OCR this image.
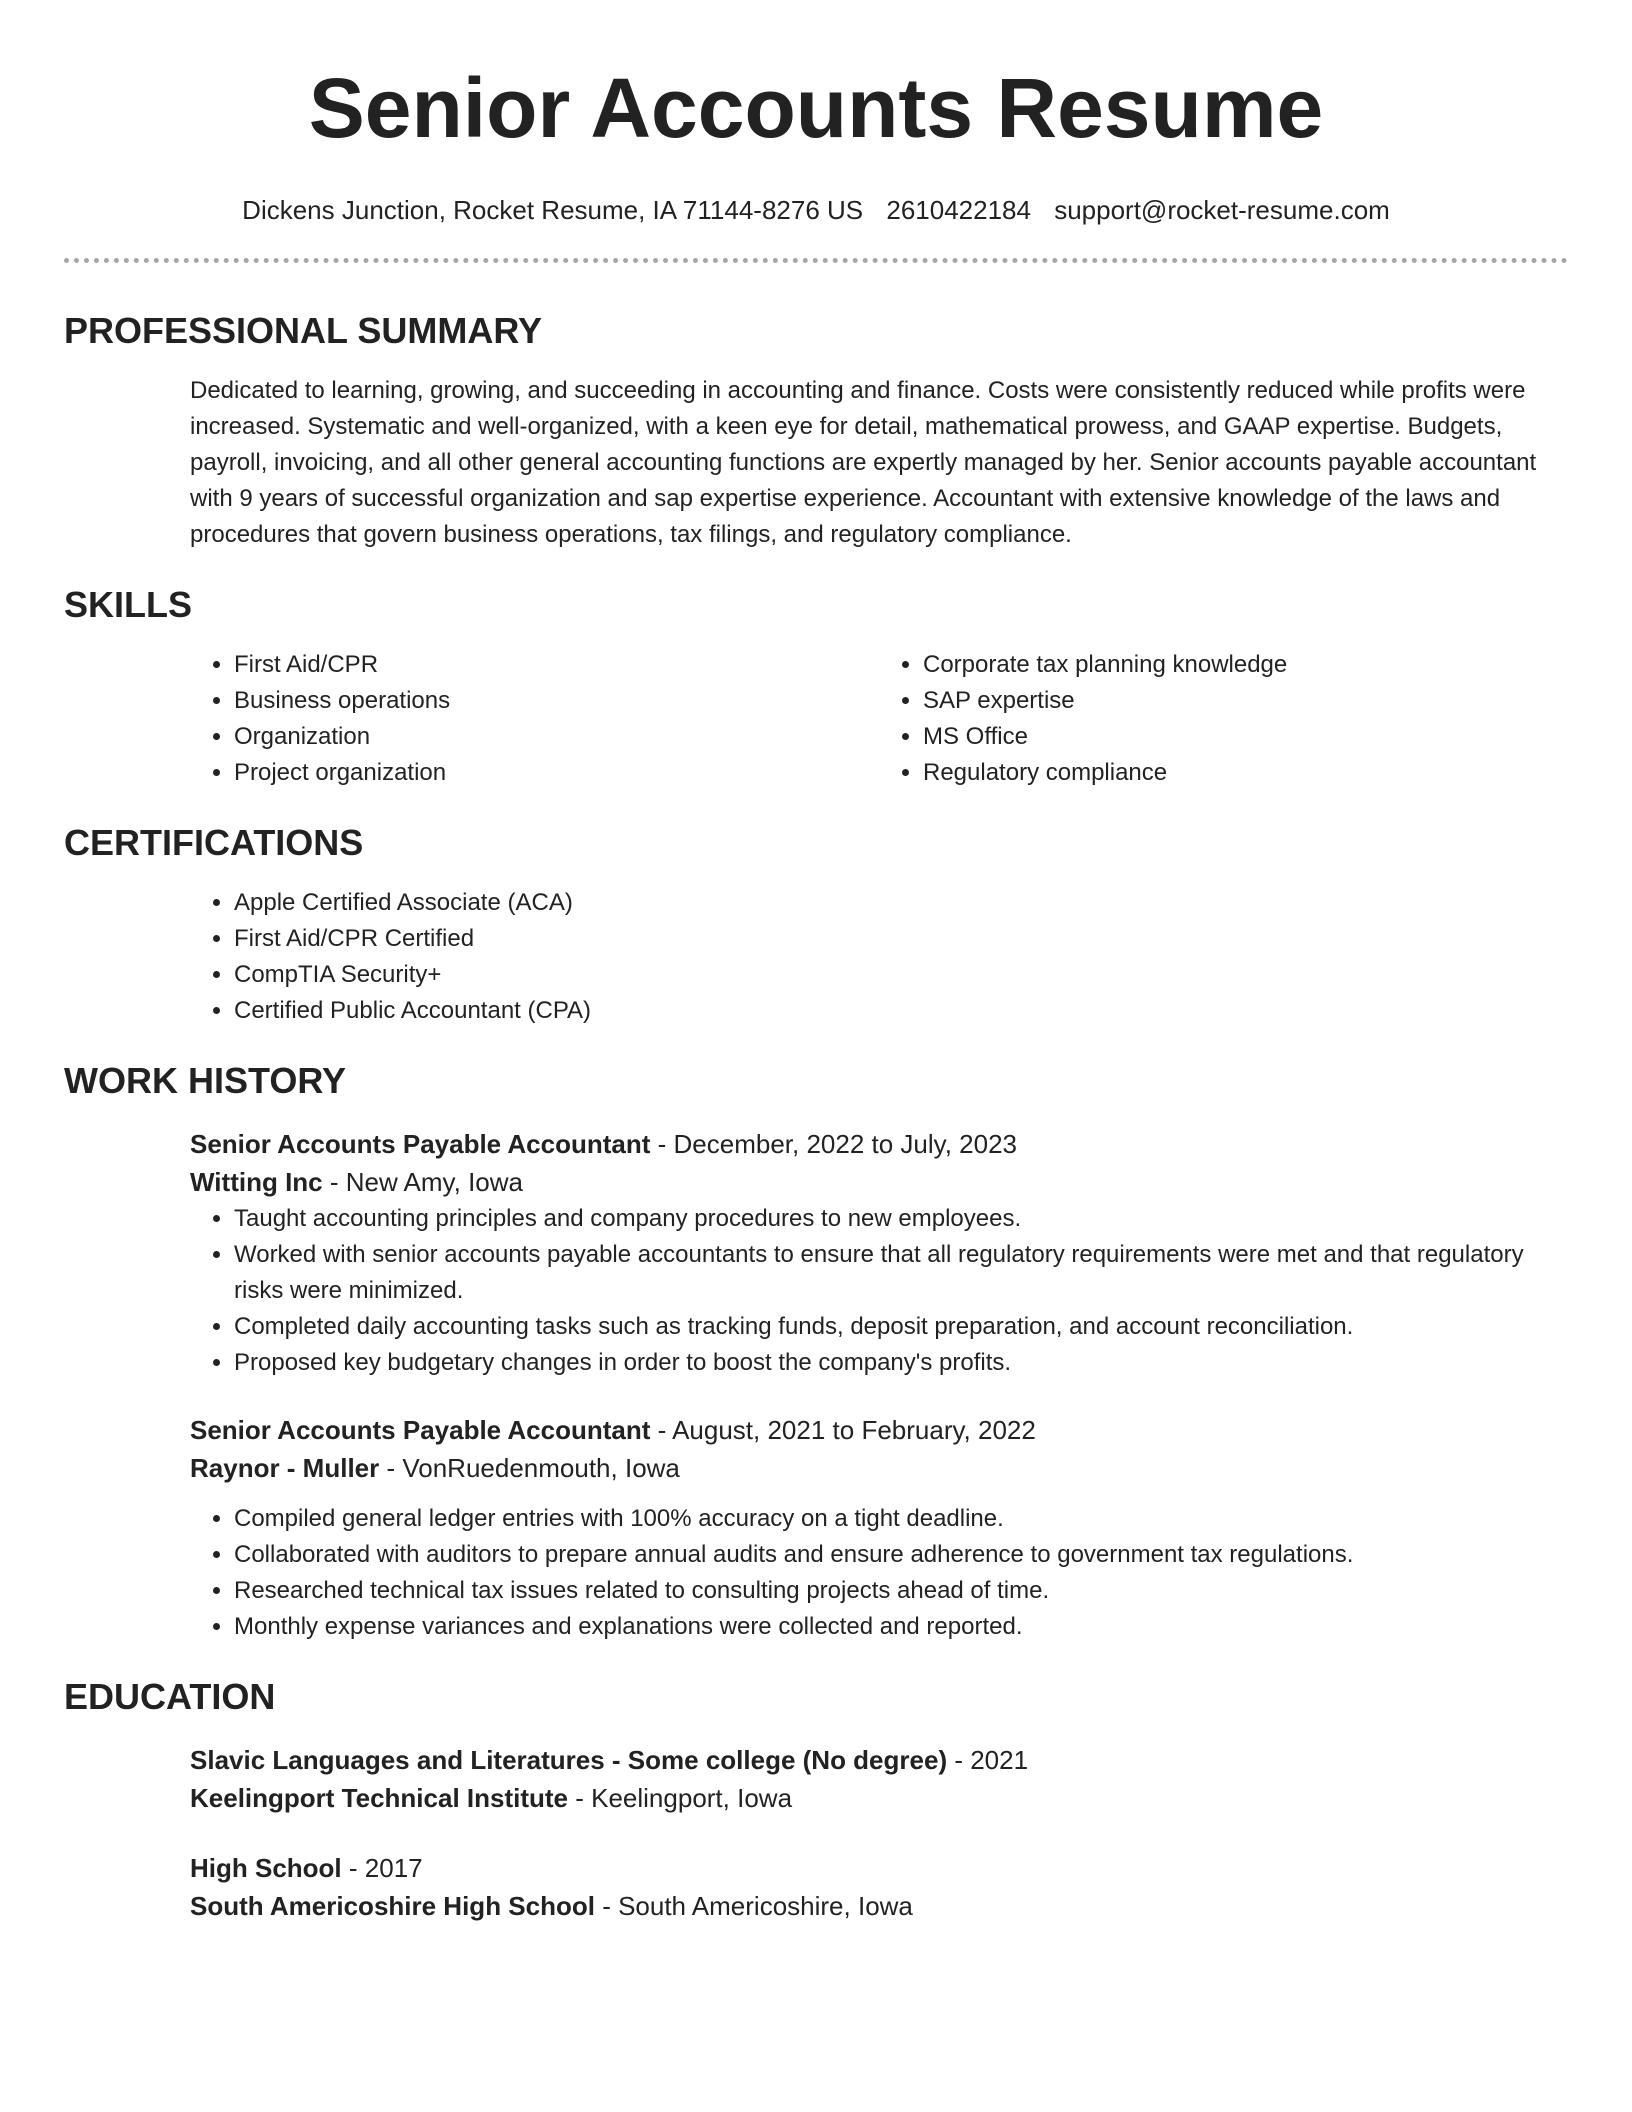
Senior Accounts Resume
Dickens Junction, Rocket Resume, IA 71144-8276 US 2610422184 support@rocket-resume.com
PROFESSIONAL SUMMARY

Dedicated to learning, growing, and succeeding in accounting and finance. Costs were consistently reduced while profits were increased. Systematic and well-organized, with a keen eye for detail, mathematical prowess, and GAAP expertise. Budgets, payroll, invoicing, and all other general accounting functions are expertly managed by her. Senior accounts payable accountant with 9 years of successful organization and sap expertise experience. Accountant with extensive knowledge of the laws and procedures that govern business operations, tax filings, and regulatory compliance.

SKILLS
• First Aid/CPR
• Business operations
• Organization
• Project organization
• Corporate tax planning knowledge
• SAP expertise
• MS Office
• Regulatory compliance
CERTIFICATIONS
• Apple Certified Associate (ACA)
• First Aid/CPR Certified
• CompTIA Security+
• Certified Public Accountant (CPA)
WORK HISTORY
Senior Accounts Payable Accountant - December, 2022 to July, 2023
Witting Inc - New Amy, Iowa
• Taught accounting principles and company procedures to new employees.
• Worked with senior accounts payable accountants to ensure that all regulatory requirements were met and that regulatory risks were minimized.
• Completed daily accounting tasks such as tracking funds, deposit preparation, and account reconciliation.
• Proposed key budgetary changes in order to boost the company's profits.
Senior Accounts Payable Accountant - August, 2021 to February, 2022
Raynor - Muller - VonRuedenmouth, Iowa
• Compiled general ledger entries with 100% accuracy on a tight deadline.
• Collaborated with auditors to prepare annual audits and ensure adherence to government tax regulations.
• Researched technical tax issues related to consulting projects ahead of time.
• Monthly expense variances and explanations were collected and reported.
EDUCATION
Slavic Languages and Literatures - Some college (No degree) - 2021
Keelingport Technical Institute - Keelingport, Iowa
High School - 2017
South Americoshire High School - South Americoshire, Iowa
